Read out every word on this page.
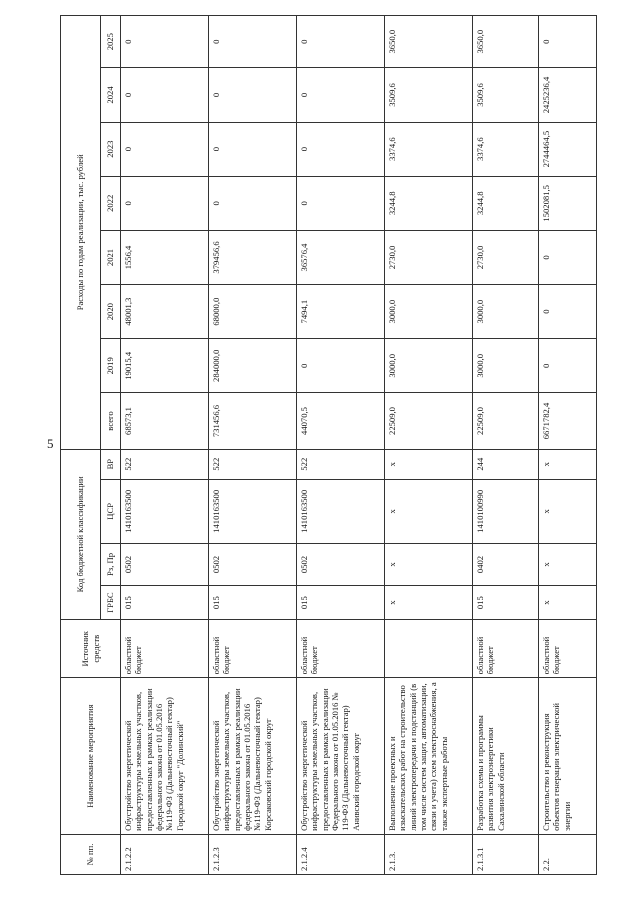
5
№ пп.	Наименование мероприятия	Источник средств	Код бюджетной классификации				Расходы по годам реализации, тыс. рублей							
			ГРБС	Рз, Пр	ЦСР	ВР	всего	2019	2020	2021	2022	2023	2024	2025
2.1.2.2	Обустройство энергетической инфраструктуры земельных участков, предоставленных в рамках реализации федерального закона от 01.05.2016 №119-ФЗ (Дальневосточный гектар) Городской округ "Долинский"	областной бюджет	015	0502	1410163500	522	68573,1	19015,4	48001,3	1556,4	0	0	0	0
2.1.2.3	Обустройство энергетической инфраструктуры земельных участков, предоставленных в рамках реализации федерального закона от 01.05.2016 №119-ФЗ (Дальневосточный гектар) Корсаковский городской округ	областной бюджет	015	0502	1410163500	522	731456,6	284000,0	68000,0	379456,6	0	0	0	0
2.1.2.4	Обустройство энергетической инфраструктуры земельных участков, предоставленных в рамках реализации Федерального закона от 01.05.2016 № 119-ФЗ (Дальневосточный гектар) Анивский городской округ	областной бюджет	015	0502	1410163500	522	44070,5	0	7494,1	36576,4	0	0	0	0
2.1.3.	Выполнение проектных и изыскательских работ на строительство линий электропередачи и подстанций (в том числе систем защит, автоматизации, связи и учета) схем электроснабжения, а также экспертные работы		х	х	х	х	22509,0	3000,0	3000,0	2730,0	3244,8	3374,6	3509,6	3650,0
2.1.3.1	Разработка схемы и программы развития электроэнергетики Сахалинской области	областной бюджет	015	0402	1410100990	244	22509,0	3000,0	3000,0	2730,0	3244,8	3374,6	3509,6	3650,0
2.2.	Строительство и реконструкция объектов генерации электрической энергии	областной бюджет	х	х	х	х	6671782,4	0	0	0	1502081,5	2744464,5	2425236,4	0
